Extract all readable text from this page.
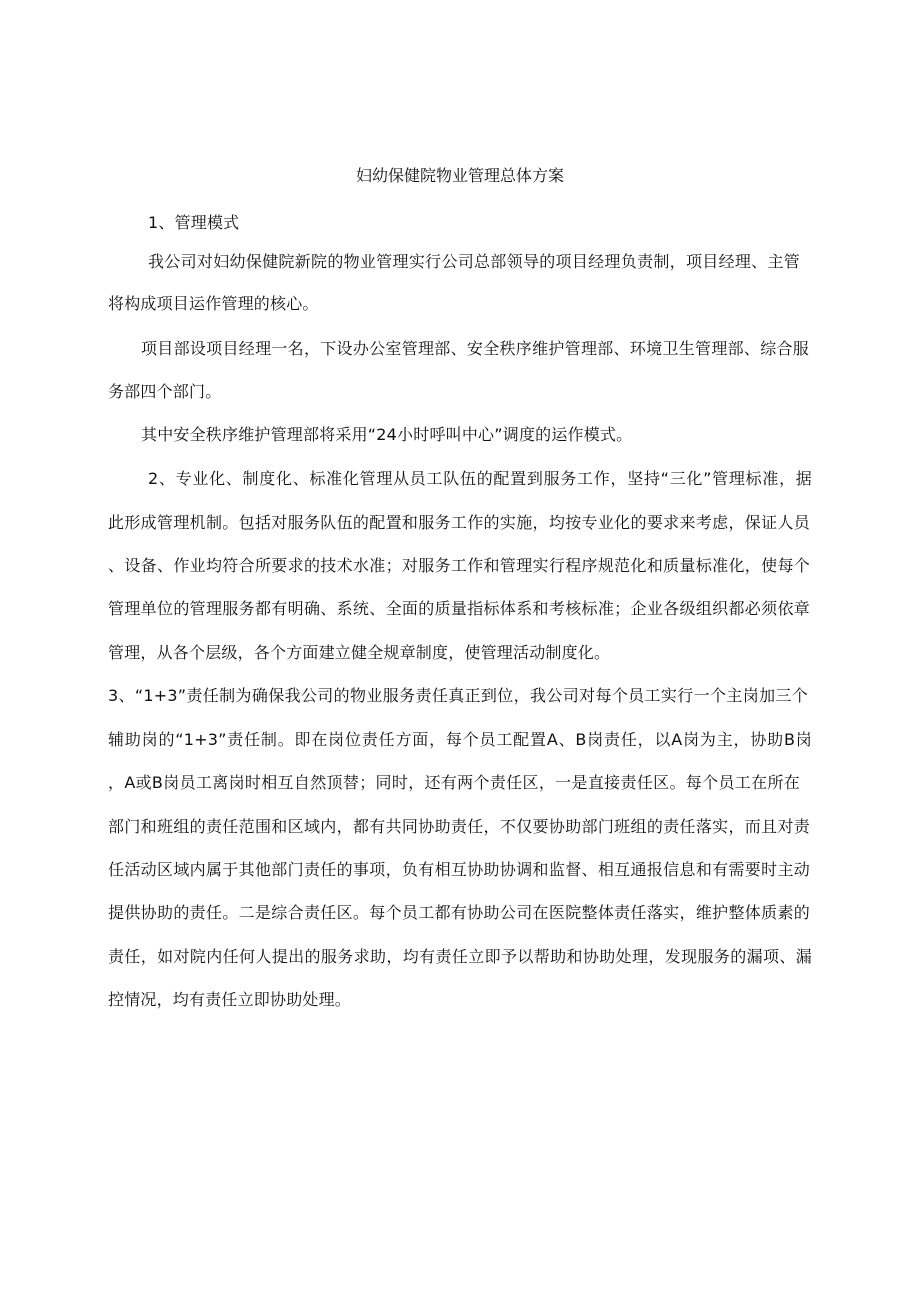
妇幼保健院物业管理总体方案
1、管理模式
我公司对妇幼保健院新院的物业管理实行公司总部领导的项目经理负责制，项目经理、主管
将构成项目运作管理的核心。
项目部设项目经理一名，下设办公室管理部、安全秩序维护管理部、环境卫生管理部、综合服
务部四个部门。
其中安全秩序维护管理部将采用“24小时呼叫中心”调度的运作模式。
2、专业化、制度化、标准化管理从员工队伍的配置到服务工作，坚持“三化”管理标准，据
此形成管理机制。包括对服务队伍的配置和服务工作的实施，均按专业化的要求来考虑，保证人员
、设备、作业均符合所要求的技术水准；对服务工作和管理实行程序规范化和质量标准化，使每个
管理单位的管理服务都有明确、系统、全面的质量指标体系和考核标准；企业各级组织都必须依章
管理，从各个层级，各个方面建立健全规章制度，使管理活动制度化。
3、“1+3”责任制为确保我公司的物业服务责任真正到位，我公司对每个员工实行一个主岗加三个
辅助岗的“1+3”责任制。即在岗位责任方面，每个员工配置A、B岗责任，以A岗为主，协助B岗
，A或B岗员工离岗时相互自然顶替；同时，还有两个责任区，一是直接责任区。每个员工在所在
部门和班组的责任范围和区域内，都有共同协助责任，不仅要协助部门班组的责任落实，而且对责
任活动区域内属于其他部门责任的事项，负有相互协助协调和监督、相互通报信息和有需要时主动
提供协助的责任。二是综合责任区。每个员工都有协助公司在医院整体责任落实，维护整体质素的
责任，如对院内任何人提出的服务求助，均有责任立即予以帮助和协助处理，发现服务的漏项、漏
控情况，均有责任立即协助处理。
